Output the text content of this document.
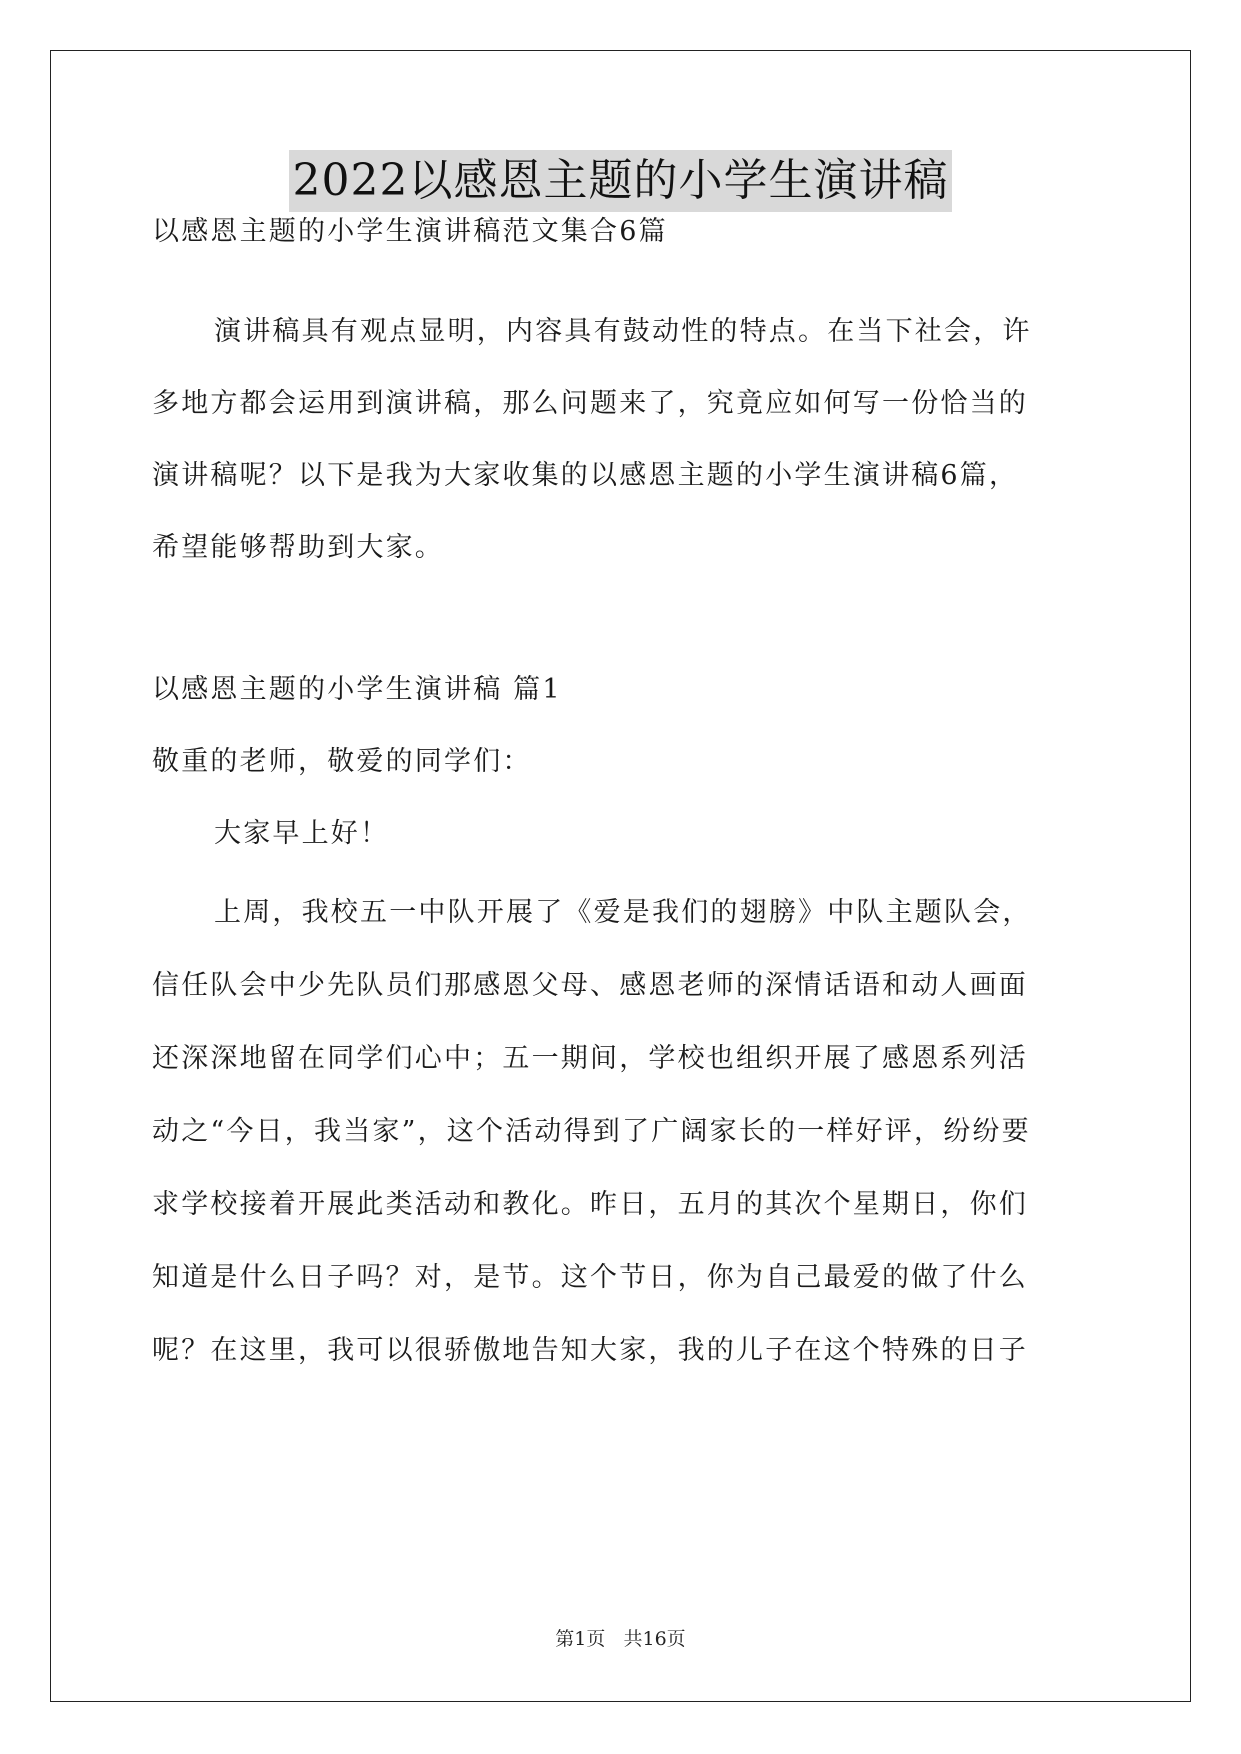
2022以感恩主题的小学生演讲稿
以感恩主题的小学生演讲稿范文集合6篇
演讲稿具有观点显明，内容具有鼓动性的特点。在当下社会，许
多地方都会运用到演讲稿，那么问题来了，究竟应如何写一份恰当的
演讲稿呢？以下是我为大家收集的以感恩主题的小学生演讲稿6篇，
希望能够帮助到大家。
以感恩主题的小学生演讲稿 篇1
敬重的老师，敬爱的同学们：
大家早上好！
上周，我校五一中队开展了《爱是我们的翅膀》中队主题队会，
信任队会中少先队员们那感恩父母、感恩老师的深情话语和动人画面
还深深地留在同学们心中；五一期间，学校也组织开展了感恩系列活
动之“今日，我当家”，这个活动得到了广阔家长的一样好评，纷纷要
求学校接着开展此类活动和教化。昨日，五月的其次个星期日，你们
知道是什么日子吗？对，是节。这个节日，你为自己最爱的做了什么
呢？在这里，我可以很骄傲地告知大家，我的儿子在这个特殊的日子
第1页   共16页
